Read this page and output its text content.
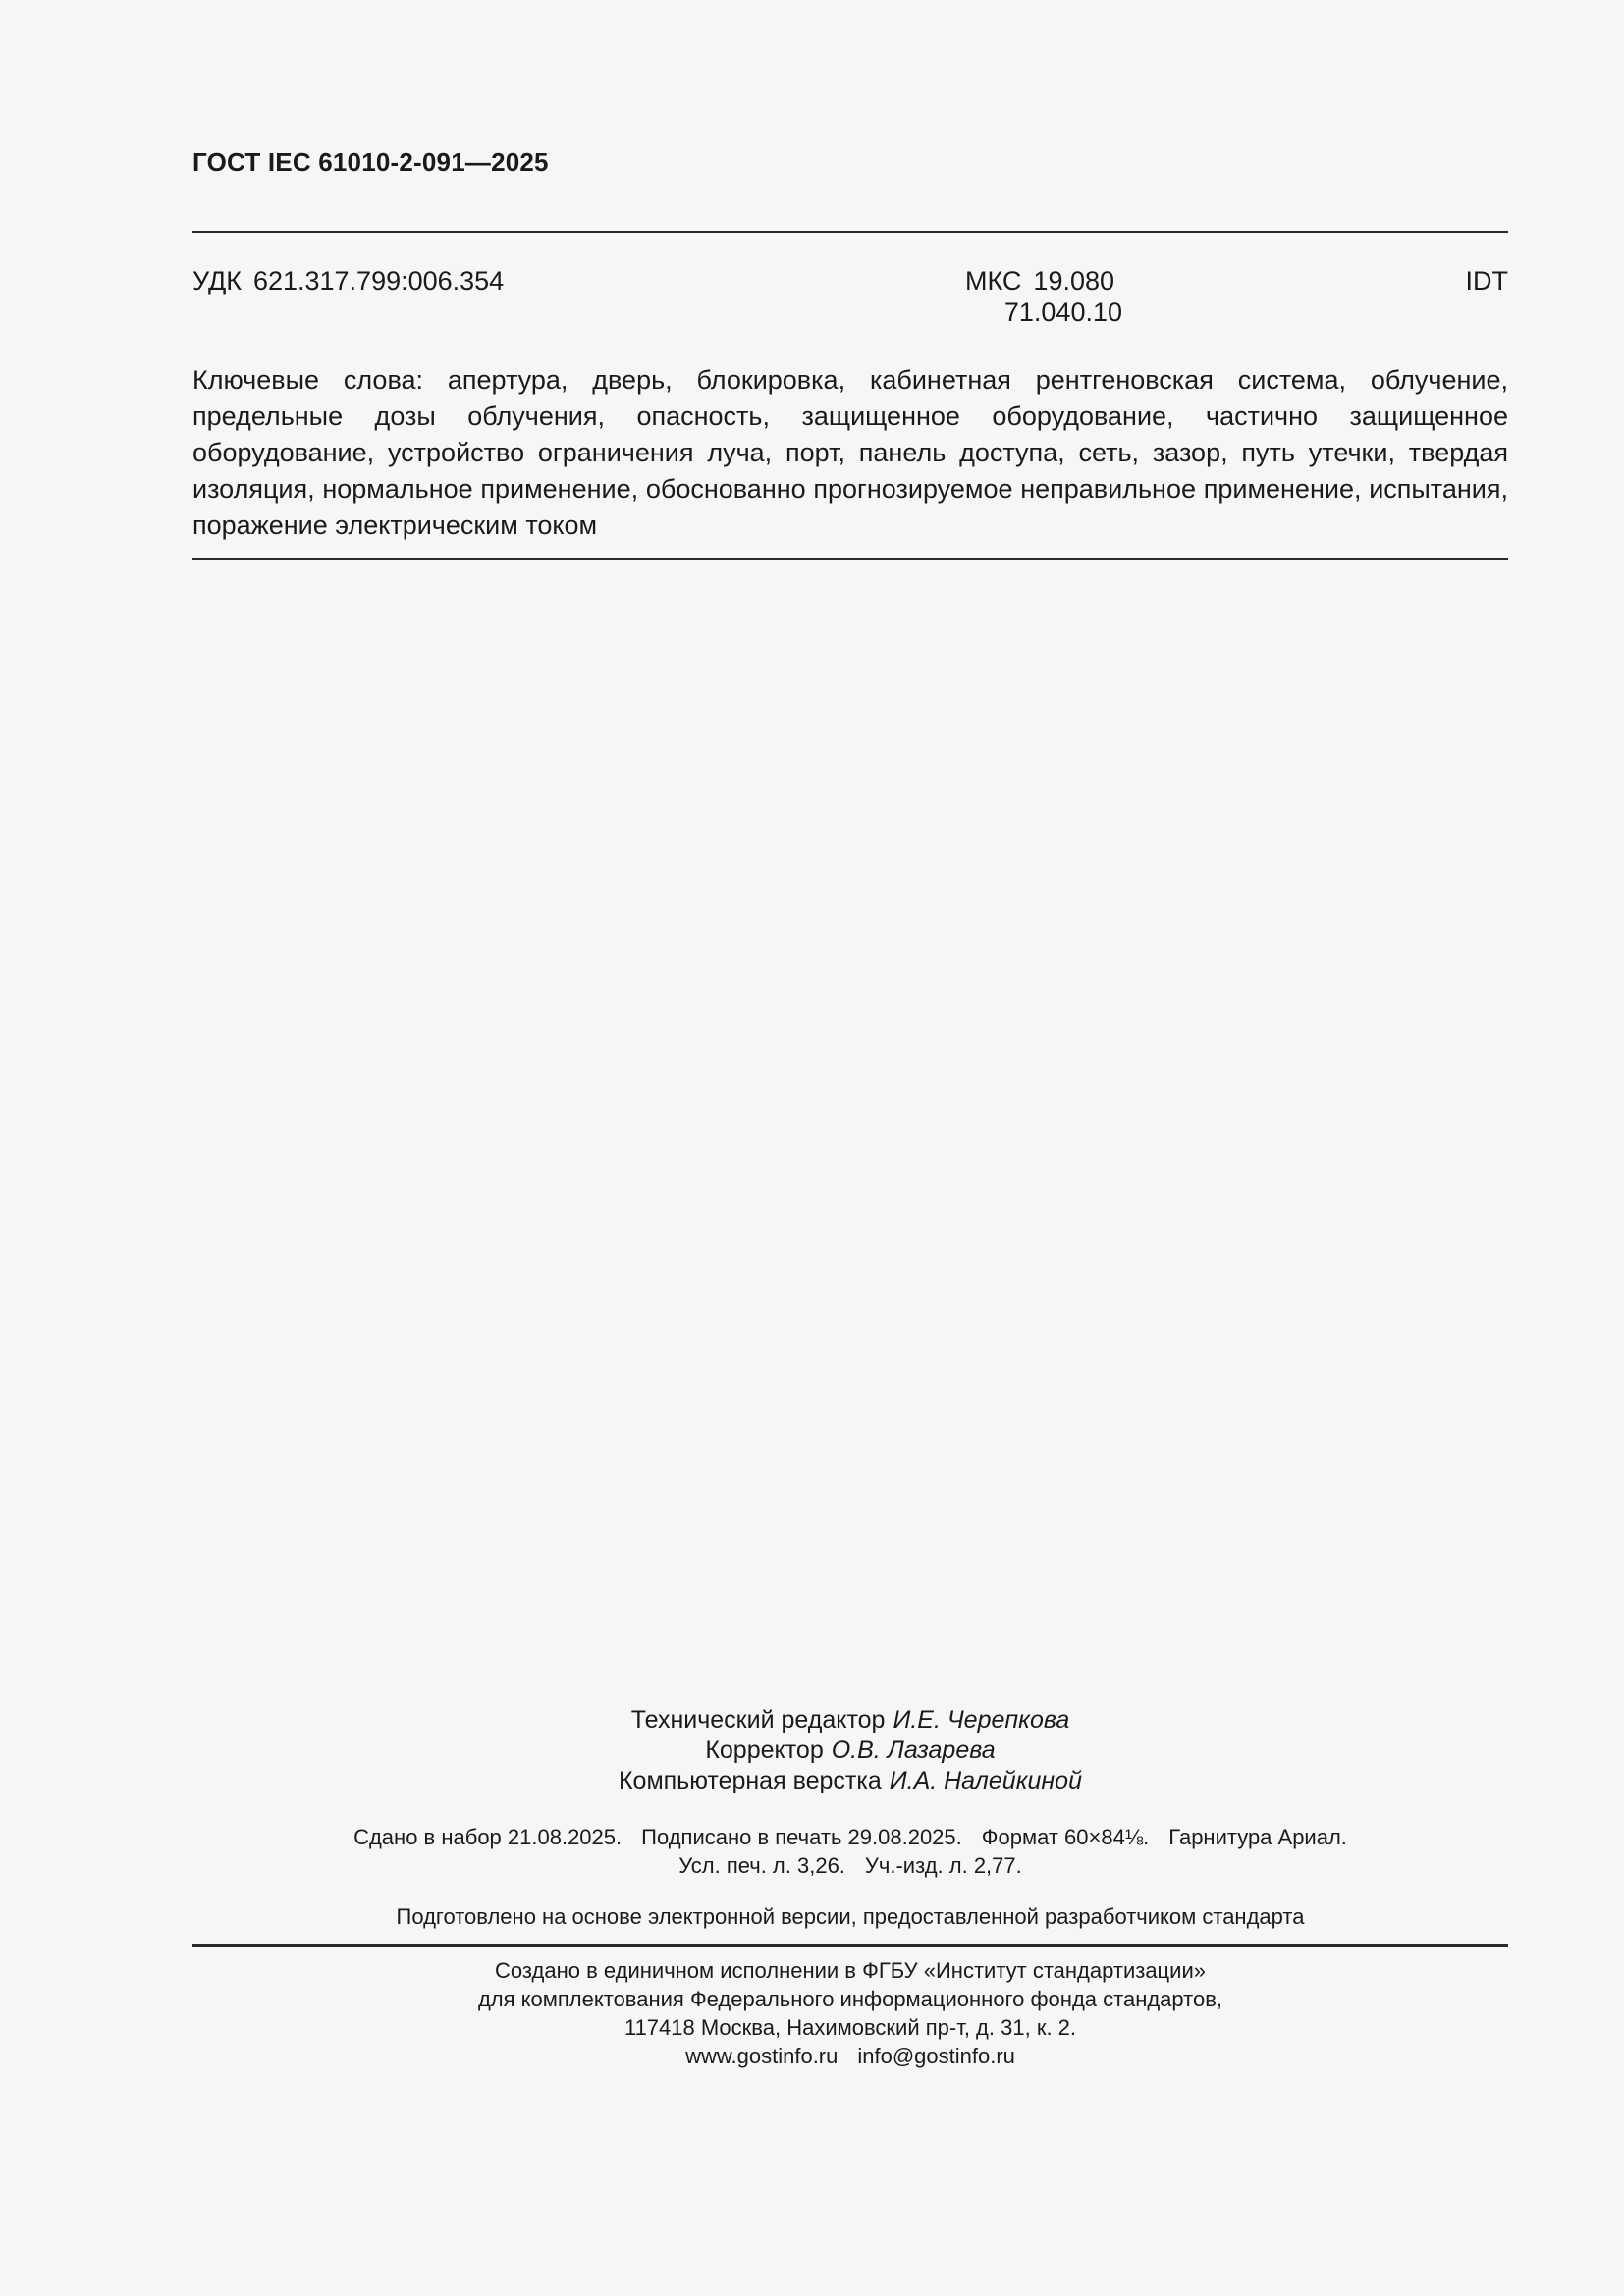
ГОСТ IEC 61010-2-091—2025
УДК 621.317.799:006.354	МКС 19.080
71.040.10
IDT
Ключевые слова: апертура, дверь, блокировка, кабинетная рентгеновская система, облучение, предельные дозы облучения, опасность, защищенное оборудование, частично защищенное оборудование, устройство ограничения луча, порт, панель доступа, сеть, зазор, путь утечки, твердая изоляция, нормальное применение, обоснованно прогнозируемое неправильное применение, испытания, поражение электрическим током
Технический редактор И.Е. Черепкова
Корректор О.В. Лазарева
Компьютерная верстка И.А. Налейкиной
Сдано в набор 21.08.2025. Подписано в печать 29.08.2025. Формат 60×84⅛. Гарнитура Ариал.
Усл. печ. л. 3,26. Уч.-изд. л. 2,77.
Подготовлено на основе электронной версии, предоставленной разработчиком стандарта
Создано в единичном исполнении в ФГБУ «Институт стандартизации»
для комплектования Федерального информационного фонда стандартов,
117418 Москва, Нахимовский пр-т, д. 31, к. 2.
www.gostinfo.ru info@gostinfo.ru
